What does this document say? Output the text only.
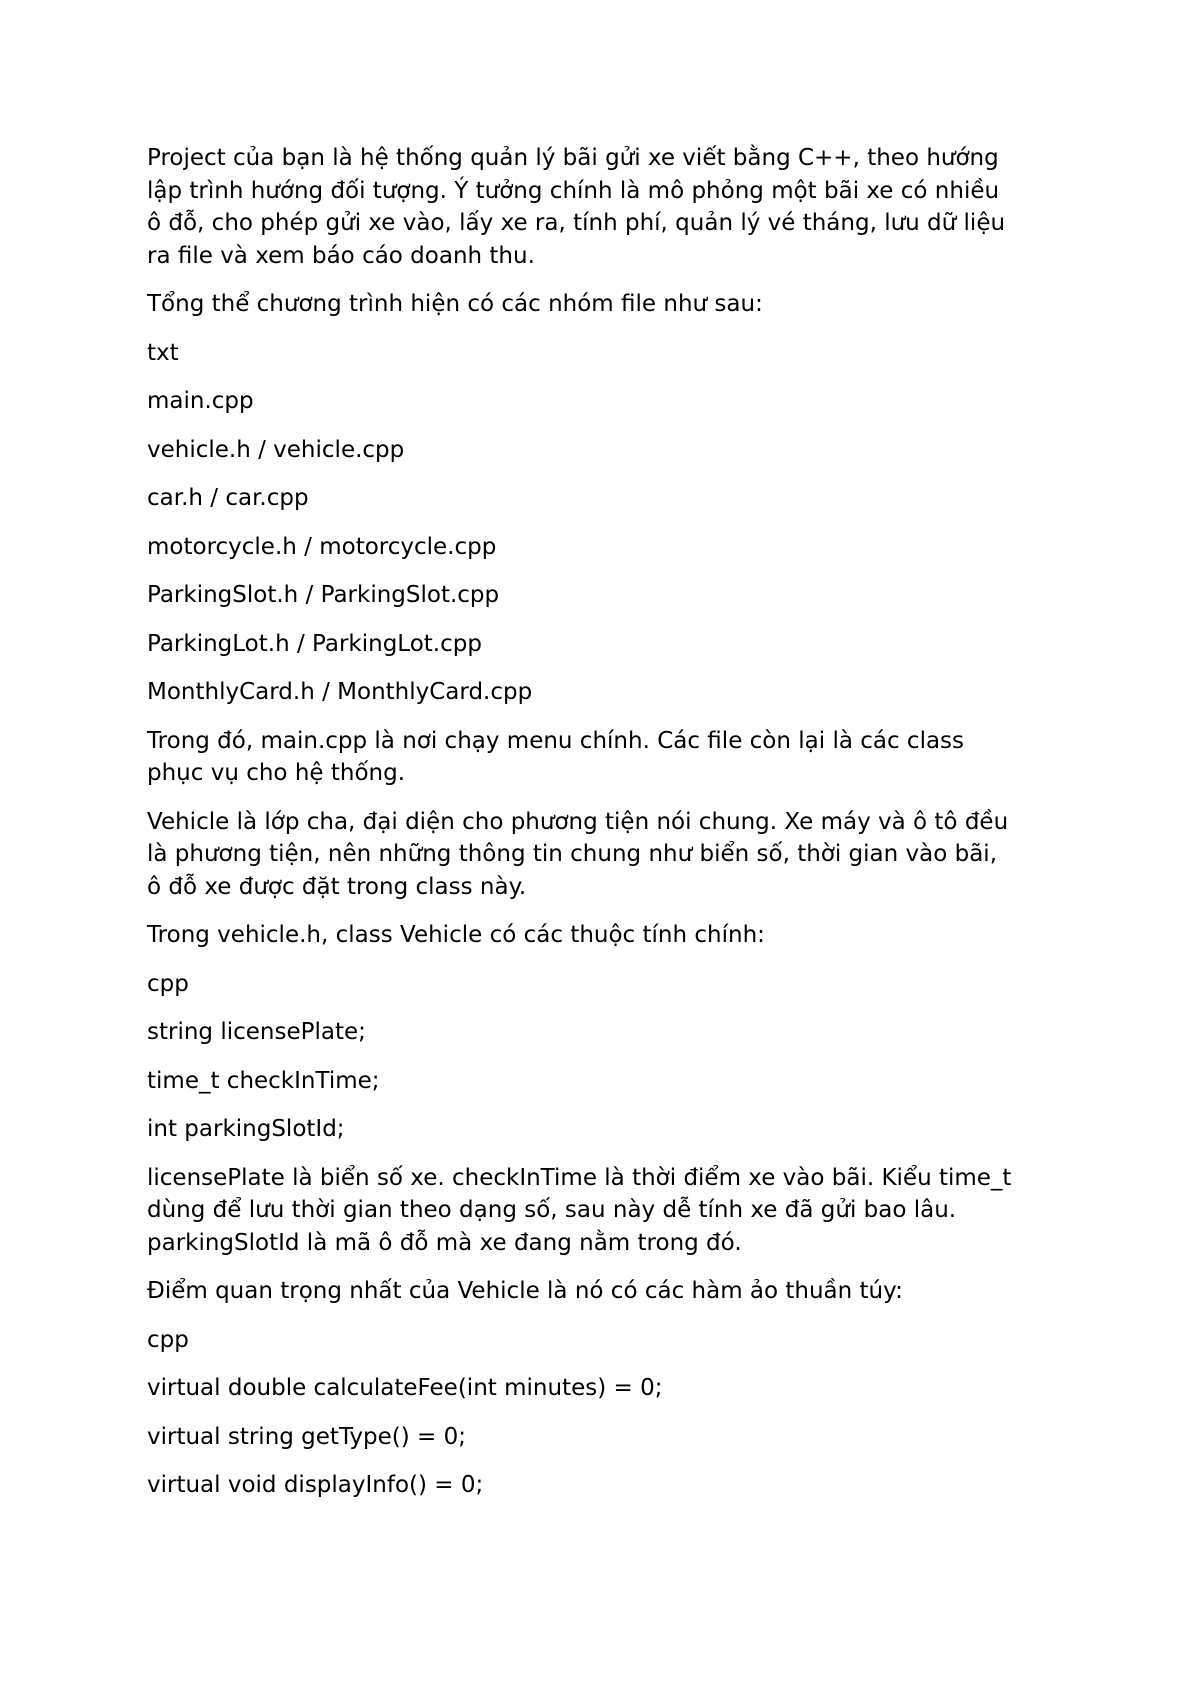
Project của bạn là hệ thống quản lý bãi gửi xe viết bằng C++, theo hướng
lập trình hướng đối tượng. Ý tưởng chính là mô phỏng một bãi xe có nhiều
ô đỗ, cho phép gửi xe vào, lấy xe ra, tính phí, quản lý vé tháng, lưu dữ liệu
ra file và xem báo cáo doanh thu.

Tổng thể chương trình hiện có các nhóm file như sau:

txt

main.cpp

vehicle.h / vehicle.cpp

car.h / car.cpp

motorcycle.h / motorcycle.cpp

ParkingSlot.h / ParkingSlot.cpp

ParkingLot.h / ParkingLot.cpp

MonthlyCard.h / MonthlyCard.cpp

Trong đó, main.cpp là nơi chạy menu chính. Các file còn lại là các class
phục vụ cho hệ thống.

Vehicle là lớp cha, đại diện cho phương tiện nói chung. Xe máy và ô tô đều
là phương tiện, nên những thông tin chung như biển số, thời gian vào bãi,
ô đỗ xe được đặt trong class này.

Trong vehicle.h, class Vehicle có các thuộc tính chính:

cpp

string licensePlate;

time_t checkInTime;

int parkingSlotId;

licensePlate là biển số xe. checkInTime là thời điểm xe vào bãi. Kiểu time_t
dùng để lưu thời gian theo dạng số, sau này dễ tính xe đã gửi bao lâu.
parkingSlotId là mã ô đỗ mà xe đang nằm trong đó.

Điểm quan trọng nhất của Vehicle là nó có các hàm ảo thuần túy:

cpp

virtual double calculateFee(int minutes) = 0;

virtual string getType() = 0;

virtual void displayInfo() = 0;
